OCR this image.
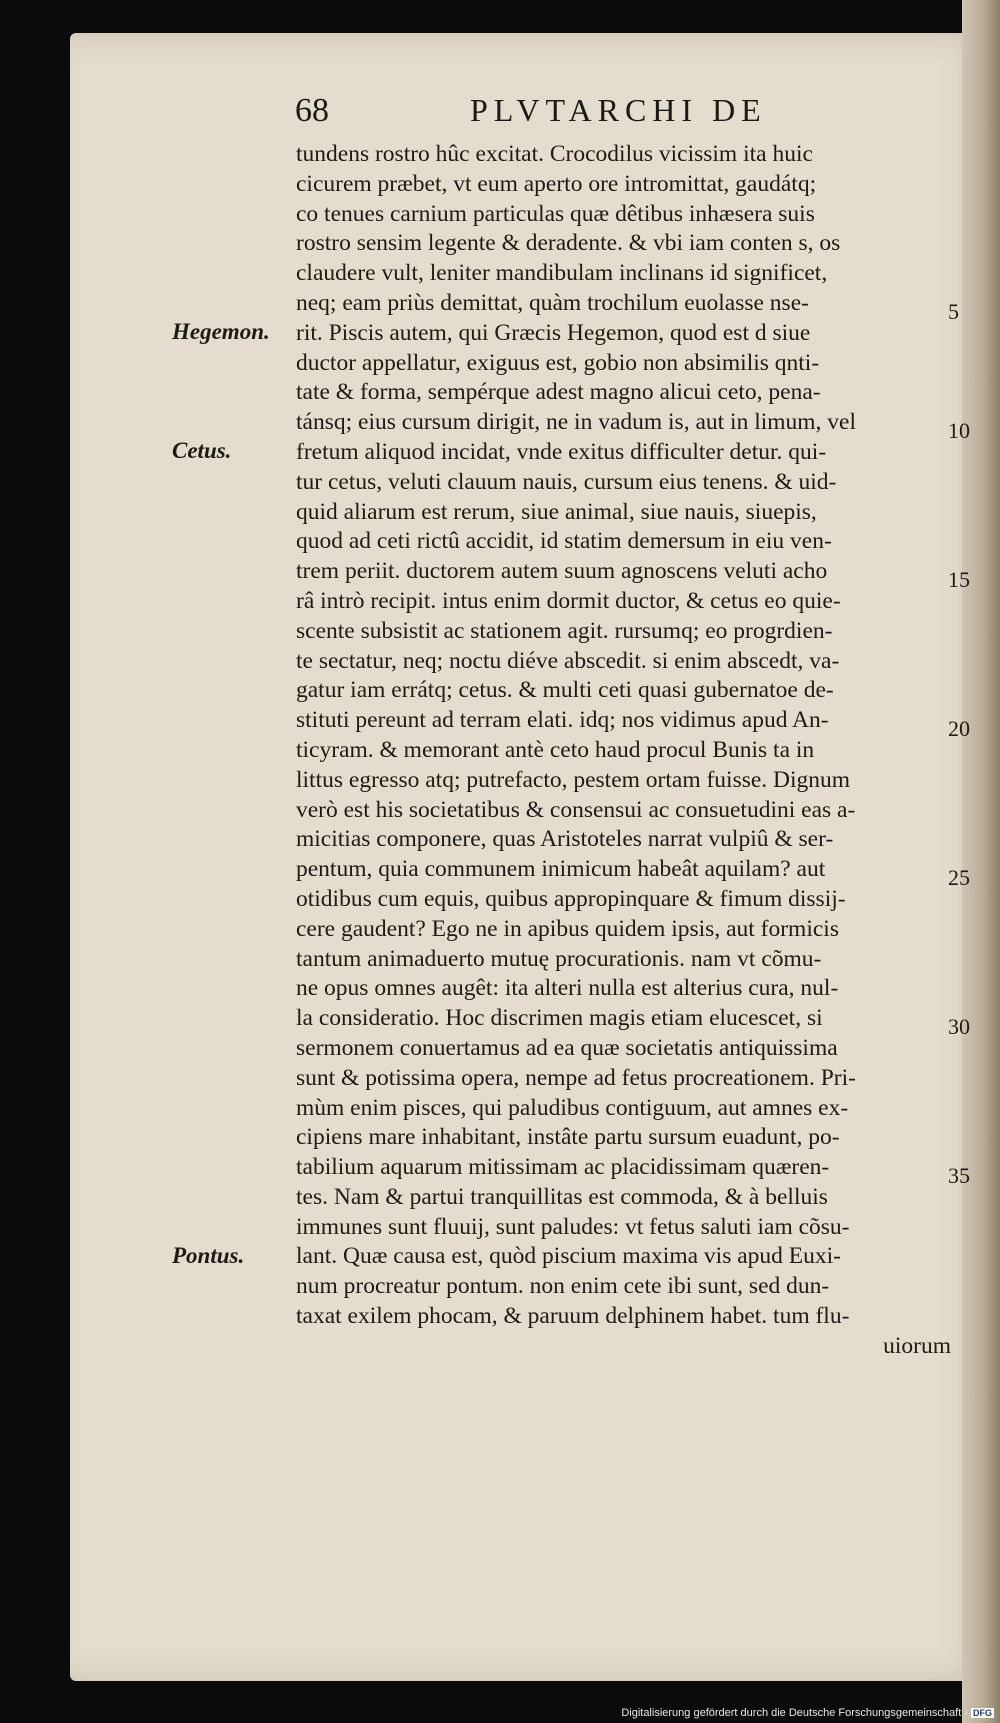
68	PLVTARCHI DE
tundens rostro hûc excitat. Crocodilus vicissim ita huic
cicurem præbet, vt eum aperto ore intromittat, gaudátq;
co tenues carnium particulas quæ dêtibus inhæsera suis
rostro sensim legente & deradente. & vbi iam conten s, os
claudere vult, leniter mandibulam inclinans id significet,
neq; eam priùs demittat, quàm trochilum euolasse nse-
rit. Piscis autem, qui Græcis Hegemon, quod est d siue
ductor appellatur, exiguus est, gobio non absimilis qnti-
tate & forma, sempérque adest magno alicui ceto, pena-
tánsq; eius cursum dirigit, ne in vadum is, aut in limum, vel
fretum aliquod incidat, vnde exitus difficulter detur. qui-
tur cetus, veluti clauum nauis, cursum eius tenens. & uid-
quid aliarum est rerum, siue animal, siue nauis, siuepis,
quod ad ceti rictû accidit, id statim demersum in eiu ven-
trem periit. ductorem autem suum agnoscens veluti acho
râ intrò recipit. intus enim dormit ductor, & cetus eo quie-
scente subsistit ac stationem agit. rursumq; eo progrdien-
te sectatur, neq; noctu diéve abscedit. si enim abscedt, va-
gatur iam errátq; cetus. & multi ceti quasi gubernatoe de-
stituti pereunt ad terram elati. idq; nos vidimus apud An-
ticyram. & memorant antè ceto haud procul Bunis ta in
littus egresso atq; putrefacto, pestem ortam fuisse. Dignum
verò est his societatibus & consensui ac consuetudini eas a-
micitias componere, quas Aristoteles narrat vulpiû & ser-
pentum, quia communem inimicum habeât aquilam? aut
otidibus cum equis, quibus appropinquare & fimum dissij-
cere gaudent? Ego ne in apibus quidem ipsis, aut formicis
tantum animaduerto mutuę procurationis. nam vt cõmu-
ne opus omnes augêt: ita alteri nulla est alterius cura, nul-
la consideratio. Hoc discrimen magis etiam elucescet, si
sermonem conuertamus ad ea quæ societatis antiquissima
sunt & potissima opera, nempe ad fetus procreationem. Pri-
mùm enim pisces, qui paludibus contiguum, aut amnes ex-
cipiens mare inhabitant, instâte partu sursum euadunt, po-
tabilium aquarum mitissimam ac placidissimam quæren-
tes. Nam & partui tranquillitas est commoda, & à belluis
immunes sunt fluuij, sunt paludes: vt fetus saluti iam cõsu-
lant. Quæ causa est, quòd piscium maxima vis apud Euxi-
num procreatur pontum. non enim cete ibi sunt, sed dun-
taxat exilem phocam, & paruum delphinem habet. tum flu-
uiorum
Hegemon.
Cetus.
Pontus.
5
10
15
20
25
30
35
Digitalisierung gefördert durch die Deutsche Forschungsgemeinschaft - DFG
